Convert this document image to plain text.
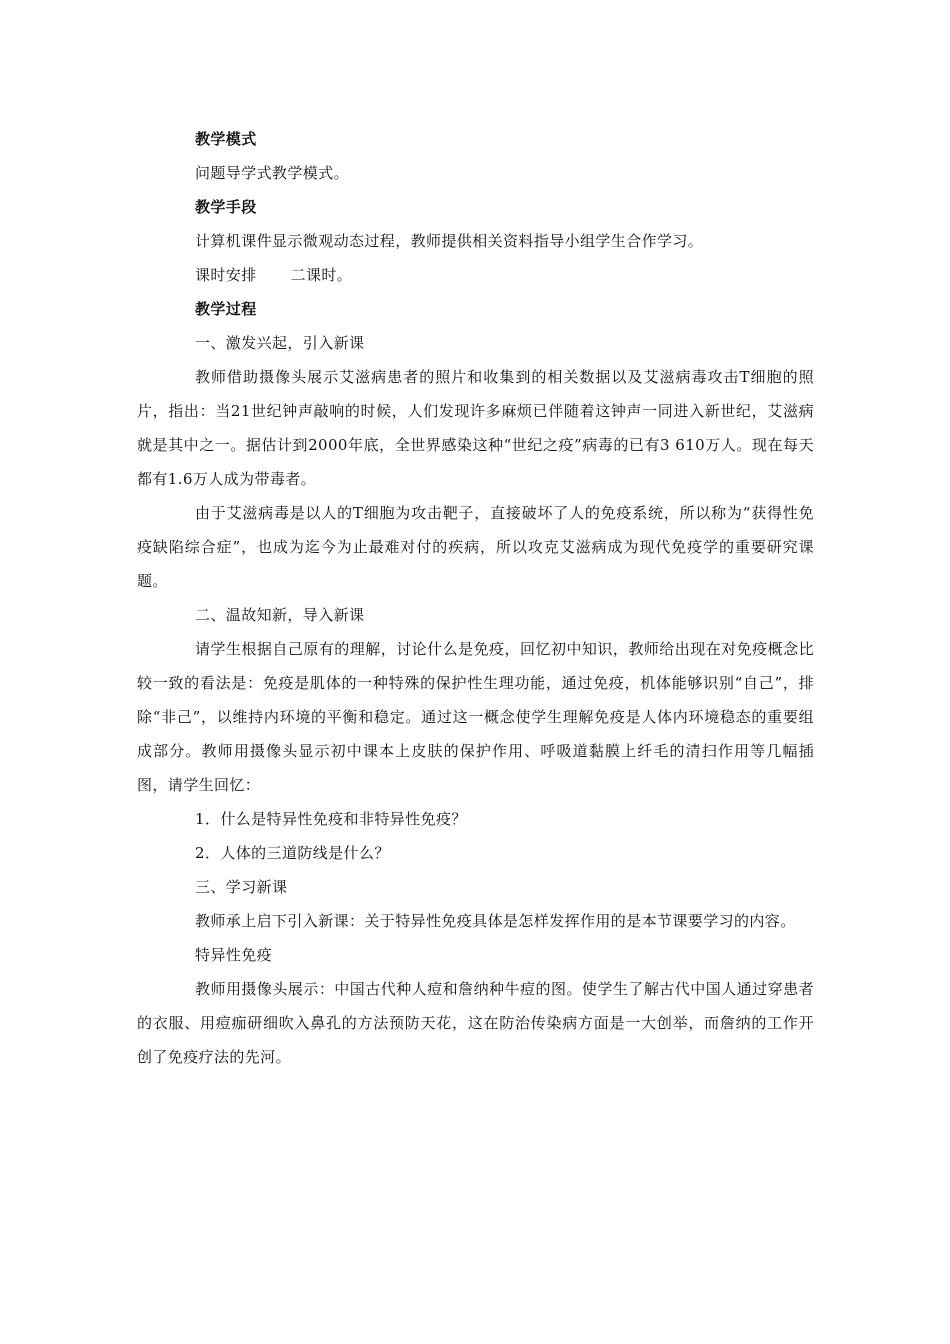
教学模式

问题导学式教学模式。

教学手段

计算机课件显示微观动态过程，教师提供相关资料指导小组学生合作学习。

课时安排 二课时。

教学过程

一、激发兴起，引入新课

教师借助摄像头展示艾滋病患者的照片和收集到的相关数据以及艾滋病毒攻击T细胞的照片，指出：当21世纪钟声敲响的时候，人们发现许多麻烦已伴随着这钟声一同进入新世纪，艾滋病就是其中之一。据估计到2000年底，全世界感染这种“世纪之疫”病毒的已有3 610万人。现在每天都有1.6万人成为带毒者。

由于艾滋病毒是以人的T细胞为攻击靶子，直接破坏了人的免疫系统，所以称为“获得性免疫缺陷综合症”，也成为迄今为止最难对付的疾病，所以攻克艾滋病成为现代免疫学的重要研究课题。

二、温故知新，导入新课

请学生根据自己原有的理解，讨论什么是免疫，回忆初中知识，教师给出现在对免疫概念比较一致的看法是：免疫是肌体的一种特殊的保护性生理功能，通过免疫，机体能够识别“自己”，排除“非己”，以维持内环境的平衡和稳定。通过这一概念使学生理解免疫是人体内环境稳态的重要组成部分。教师用摄像头显示初中课本上皮肤的保护作用、呼吸道黏膜上纤毛的清扫作用等几幅插图，请学生回忆：

1．什么是特异性免疫和非特异性免疫？

2．人体的三道防线是什么？

三、学习新课

教师承上启下引入新课：关于特异性免疫具体是怎样发挥作用的是本节课要学习的内容。

特异性免疫

教师用摄像头展示：中国古代种人痘和詹纳种牛痘的图。使学生了解古代中国人通过穿患者的衣服、用痘痂研细吹入鼻孔的方法预防天花，这在防治传染病方面是一大创举，而詹纳的工作开创了免疫疗法的先河。
